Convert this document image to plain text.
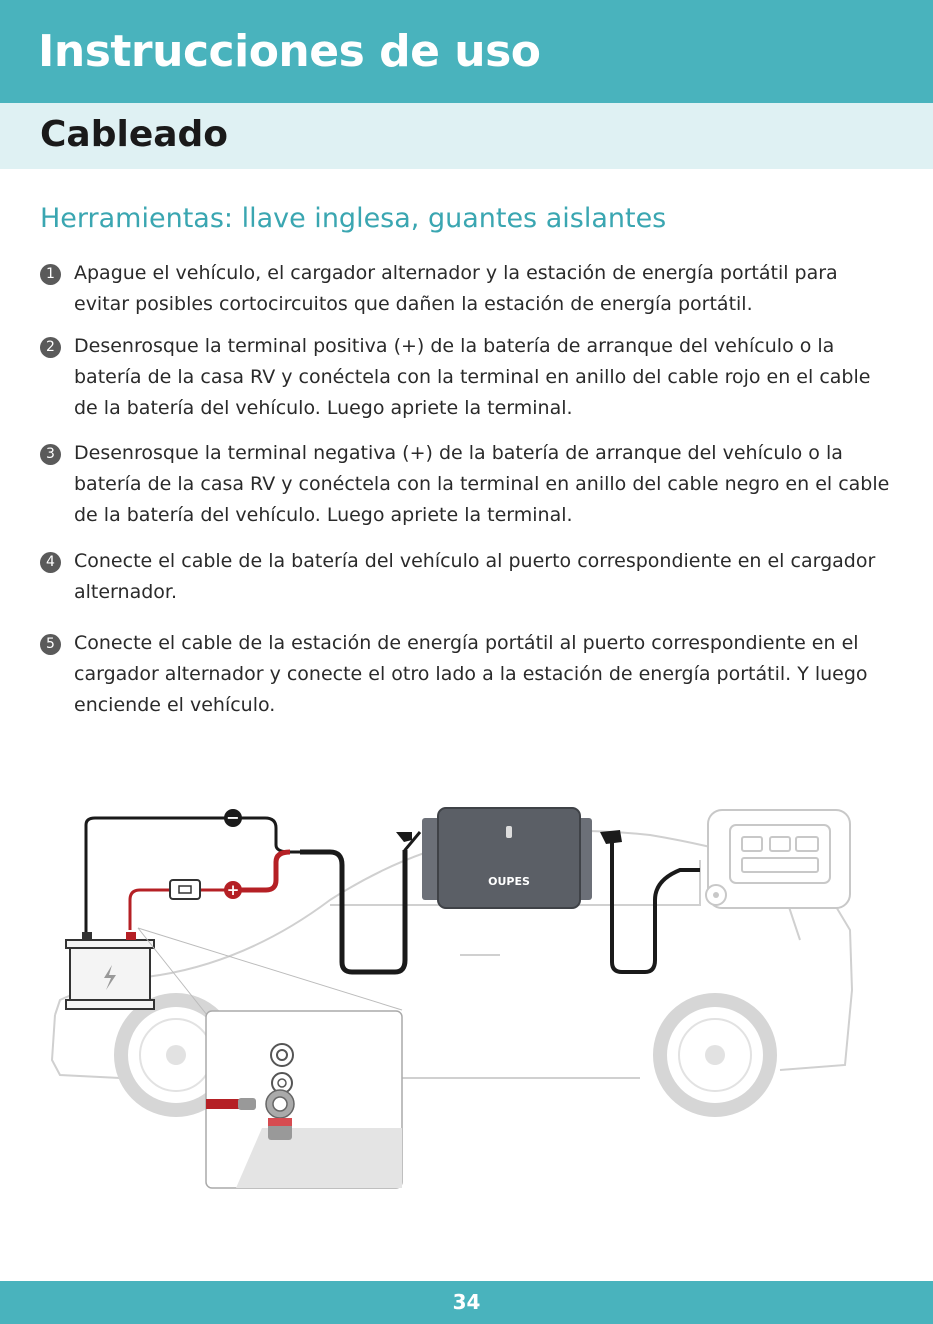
Instrucciones de uso
Cableado
Herramientas: llave inglesa, guantes aislantes
1	Apague el vehículo, el cargador alternador y la estación de energía portátil para evitar posibles cortocircuitos que dañen la estación de energía portátil.
2	Desenrosque la terminal positiva (+) de la batería de arranque del vehículo o la batería de la casa RV y conéctela con la terminal en anillo del cable rojo en el cable de la batería del vehículo. Luego apriete la terminal.
3	Desenrosque la terminal negativa (+) de la batería de arranque del vehículo o la batería de la casa RV y conéctela con la terminal en anillo del cable negro en el cable de la batería del vehículo. Luego apriete la terminal.
4	Conecte el cable de la batería del vehículo al puerto correspondiente en el cargador alternador.
5	Conecte el cable de la estación de energía portátil al puerto correspondiente en el cargador alternador y conecte el otro lado a la estación de energía portátil. Y luego enciende el vehículo.
−
+	OUPES
34
